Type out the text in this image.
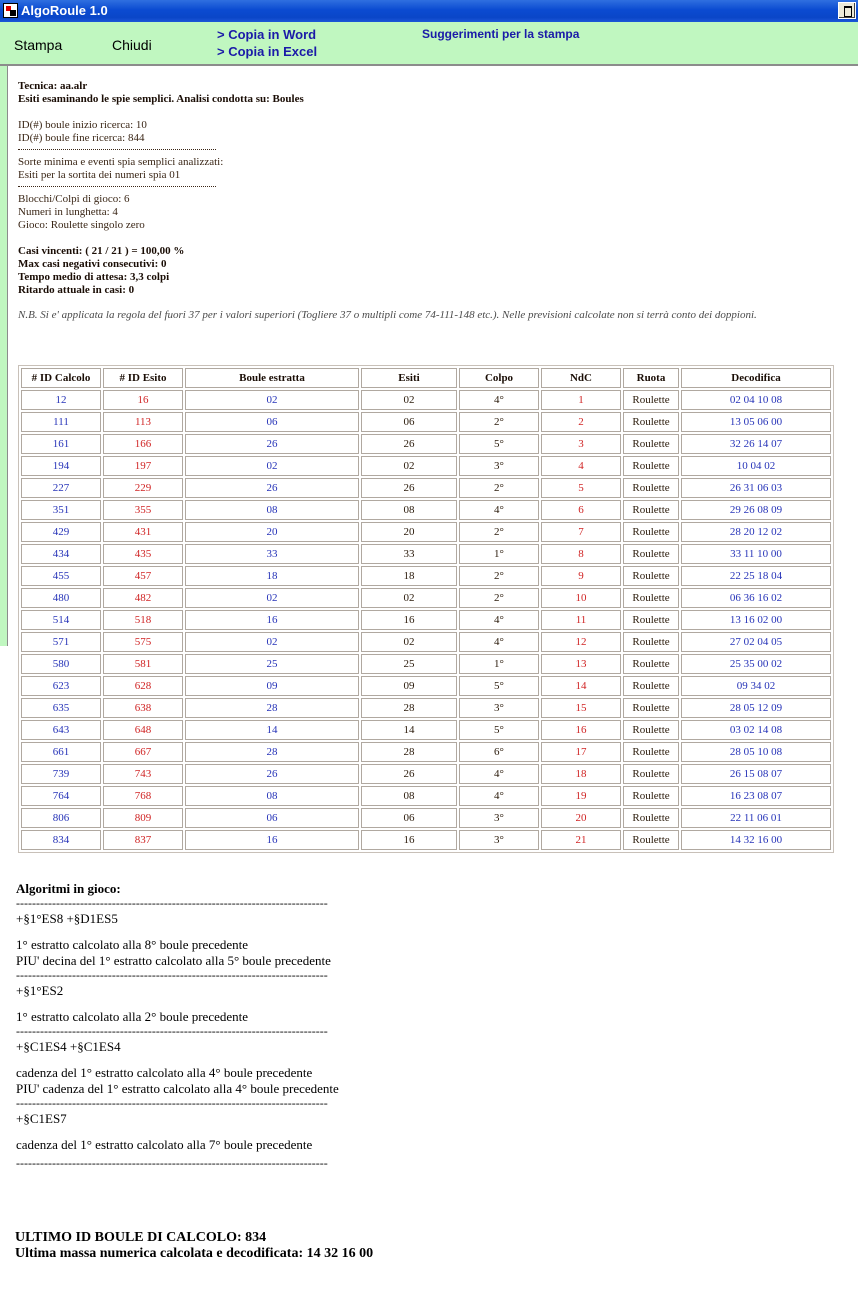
AlgoRoule 1.0
Stampa	Chiudi
> Copia in Word
> Copia in Excel
Suggerimenti per la stampa
Tecnica: aa.alr
Esiti esaminando le spie semplici. Analisi condotta su: Boules
ID(#) boule inizio ricerca: 10
ID(#) boule fine ricerca: 844
Sorte minima e eventi spia semplici analizzati:
Esiti per la sortita dei numeri spia 01
Blocchi/Colpi di gioco: 6
Numeri in lunghetta: 4
Gioco: Roulette singolo zero
Casi vincenti: ( 21 / 21 ) = 100,00 %
Max casi negativi consecutivi: 0
Tempo medio di attesa: 3,3 colpi
Ritardo attuale in casi: 0
N.B. Si e' applicata la regola del fuori 37 per i valori superiori (Togliere 37 o multipli come 74-111-148 etc.). Nelle previsioni calcolate non si terrà conto dei doppioni.
# ID Calcolo	# ID Esito	Boule estratta	Esiti	Colpo	NdC	Ruota	Decodifica
12	16	02	02	4°	1	Roulette	02 04 10 08
111	113	06	06	2°	2	Roulette	13 05 06 00
161	166	26	26	5°	3	Roulette	32 26 14 07
194	197	02	02	3°	4	Roulette	10 04 02
227	229	26	26	2°	5	Roulette	26 31 06 03
351	355	08	08	4°	6	Roulette	29 26 08 09
429	431	20	20	2°	7	Roulette	28 20 12 02
434	435	33	33	1°	8	Roulette	33 11 10 00
455	457	18	18	2°	9	Roulette	22 25 18 04
480	482	02	02	2°	10	Roulette	06 36 16 02
514	518	16	16	4°	11	Roulette	13 16 02 00
571	575	02	02	4°	12	Roulette	27 02 04 05
580	581	25	25	1°	13	Roulette	25 35 00 02
623	628	09	09	5°	14	Roulette	09 34 02
635	638	28	28	3°	15	Roulette	28 05 12 09
643	648	14	14	5°	16	Roulette	03 02 14 08
661	667	28	28	6°	17	Roulette	28 05 10 08
739	743	26	26	4°	18	Roulette	26 15 08 07
764	768	08	08	4°	19	Roulette	16 23 08 07
806	809	06	06	3°	20	Roulette	22 11 06 01
834	837	16	16	3°	21	Roulette	14 32 16 00
Algoritmi in gioco:
------------------------------------------------------------------------------
+§1°ES8 +§D1ES5
1° estratto calcolato alla 8° boule precedente
PIU' decina del 1° estratto calcolato alla 5° boule precedente
------------------------------------------------------------------------------
+§1°ES2
1° estratto calcolato alla 2° boule precedente
------------------------------------------------------------------------------
+§C1ES4 +§C1ES4
cadenza del 1° estratto calcolato alla 4° boule precedente
PIU' cadenza del 1° estratto calcolato alla 4° boule precedente
------------------------------------------------------------------------------
+§C1ES7
cadenza del 1° estratto calcolato alla 7° boule precedente
------------------------------------------------------------------------------
ULTIMO ID BOULE DI CALCOLO: 834
Ultima massa numerica calcolata e decodificata: 14 32 16 00
